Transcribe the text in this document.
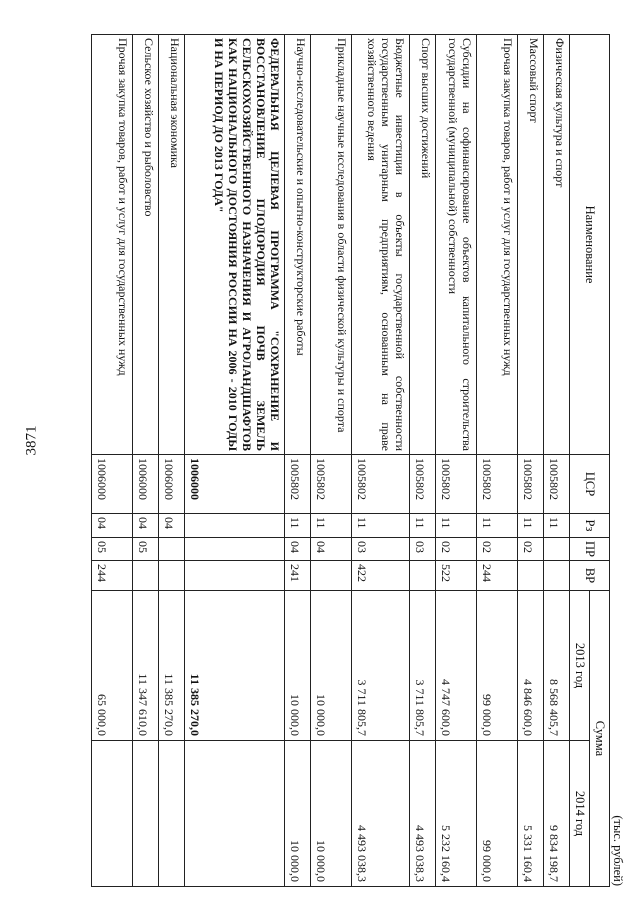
3871
(тыс. рублей)
Наименование	ЦСР	Рз	ПР	ВР	Сумма	
					2013 год	2014 год
Физическая культура и спорт	1005802	11			8 568 405,7	9 834 198,7
Массовый спорт	1005802	11	02		4 846 600,0	5 331 160,4
Прочая закупка товаров, работ и услуг для государственных нужд	1005802	11	02	244	99 000,0	99 000,0
Субсидии на софинансирование объектов капитального строительства государственной (муниципальной) собственности	1005802	11	02	522	4 747 600,0	5 232 160,4
Спорт высших достижений	1005802	11	03		3 711 805,7	4 493 038,3
Бюджетные инвестиции в объекты государственной собственности государственным унитарным предприятиям, основанным на праве хозяйственного ведения	1005802	11	03	422	3 711 805,7	4 493 038,3
Прикладные научные исследования в области физической культуры и спорта	1005802	11	04		10 000,0	10 000,0
Научно-исследовательские и опытно-конструкторские работы	1005802	11	04	241	10 000,0	10 000,0
ФЕДЕРАЛЬНАЯ ЦЕЛЕВАЯ ПРОГРАММА "СОХРАНЕНИЕ И ВОССТАНОВЛЕНИЕ ПЛОДОРОДИЯ ПОЧВ ЗЕМЕЛЬ СЕЛЬСКОХОЗЯЙСТВЕННОГО НАЗНАЧЕНИЯ И АГРОЛАНДШАФТОВ КАК НАЦИОНАЛЬНОГО ДОСТОЯНИЯ РОССИИ НА 2006 - 2010 ГОДЫ И НА ПЕРИОД ДО 2013 ГОДА"	1006000				11 385 270,0	
Национальная экономика	1006000	04			11 385 270,0	
Сельское хозяйство и рыболовство	1006000	04	05		11 347 610,0	
Прочая закупка товаров, работ и услуг для государственных нужд	1006000	04	05	244	65 000,0	
